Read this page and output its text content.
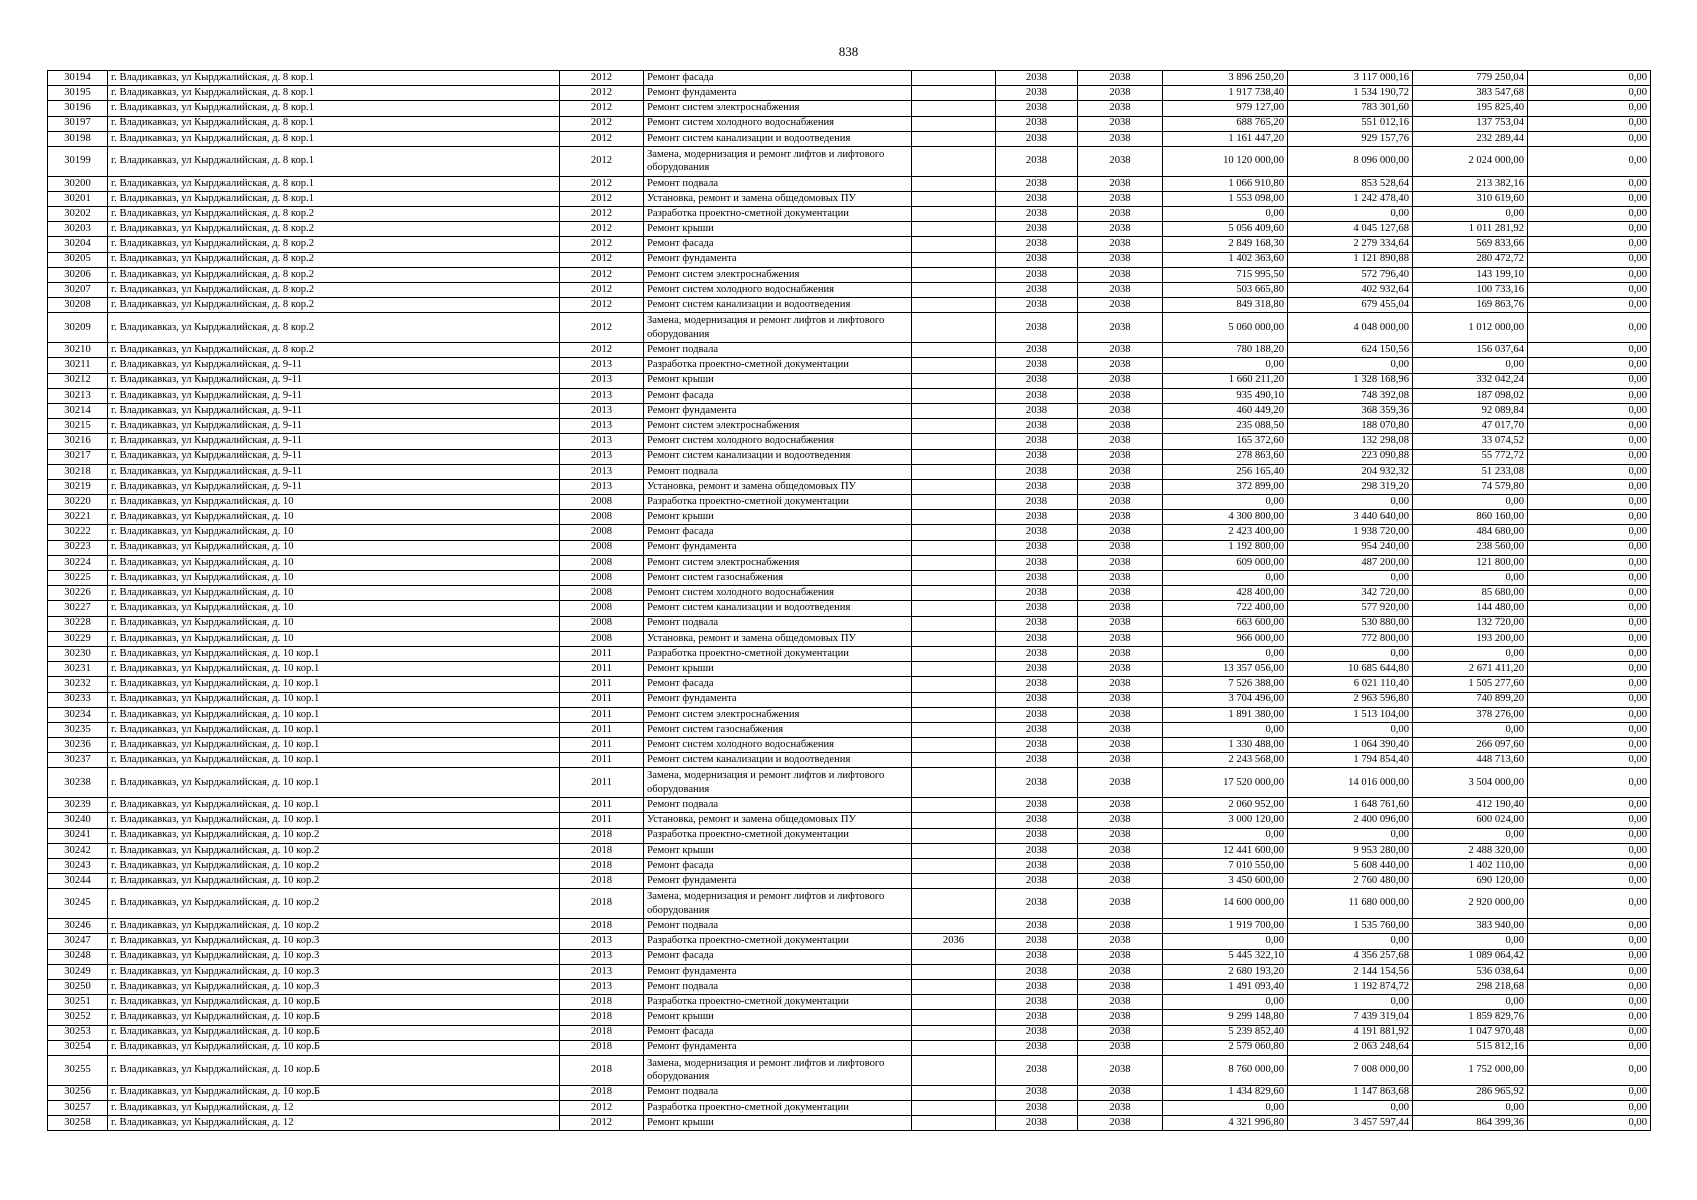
838
30194	г. Владикавказ, ул Кырджалийская, д. 8 кор.1	2012	Ремонт фасада		2038	2038	3 896 250,20	3 117 000,16	779 250,04	0,00
30195	г. Владикавказ, ул Кырджалийская, д. 8 кор.1	2012	Ремонт фундамента		2038	2038	1 917 738,40	1 534 190,72	383 547,68	0,00
30196	г. Владикавказ, ул Кырджалийская, д. 8 кор.1	2012	Ремонт систем электроснабжения		2038	2038	979 127,00	783 301,60	195 825,40	0,00
30197	г. Владикавказ, ул Кырджалийская, д. 8 кор.1	2012	Ремонт систем холодного водоснабжения		2038	2038	688 765,20	551 012,16	137 753,04	0,00
30198	г. Владикавказ, ул Кырджалийская, д. 8 кор.1	2012	Ремонт систем канализации и водоотведения		2038	2038	1 161 447,20	929 157,76	232 289,44	0,00
30199	г. Владикавказ, ул Кырджалийская, д. 8 кор.1	2012	Замена, модернизация и ремонт лифтов и лифтового оборудования		2038	2038	10 120 000,00	8 096 000,00	2 024 000,00	0,00
30200	г. Владикавказ, ул Кырджалийская, д. 8 кор.1	2012	Ремонт подвала		2038	2038	1 066 910,80	853 528,64	213 382,16	0,00
30201	г. Владикавказ, ул Кырджалийская, д. 8 кор.1	2012	Установка, ремонт и замена общедомовых ПУ		2038	2038	1 553 098,00	1 242 478,40	310 619,60	0,00
30202	г. Владикавказ, ул Кырджалийская, д. 8 кор.2	2012	Разработка проектно-сметной документации		2038	2038	0,00	0,00	0,00	0,00
30203	г. Владикавказ, ул Кырджалийская, д. 8 кор.2	2012	Ремонт крыши		2038	2038	5 056 409,60	4 045 127,68	1 011 281,92	0,00
30204	г. Владикавказ, ул Кырджалийская, д. 8 кор.2	2012	Ремонт фасада		2038	2038	2 849 168,30	2 279 334,64	569 833,66	0,00
30205	г. Владикавказ, ул Кырджалийская, д. 8 кор.2	2012	Ремонт фундамента		2038	2038	1 402 363,60	1 121 890,88	280 472,72	0,00
30206	г. Владикавказ, ул Кырджалийская, д. 8 кор.2	2012	Ремонт систем электроснабжения		2038	2038	715 995,50	572 796,40	143 199,10	0,00
30207	г. Владикавказ, ул Кырджалийская, д. 8 кор.2	2012	Ремонт систем холодного водоснабжения		2038	2038	503 665,80	402 932,64	100 733,16	0,00
30208	г. Владикавказ, ул Кырджалийская, д. 8 кор.2	2012	Ремонт систем канализации и водоотведения		2038	2038	849 318,80	679 455,04	169 863,76	0,00
30209	г. Владикавказ, ул Кырджалийская, д. 8 кор.2	2012	Замена, модернизация и ремонт лифтов и лифтового оборудования		2038	2038	5 060 000,00	4 048 000,00	1 012 000,00	0,00
30210	г. Владикавказ, ул Кырджалийская, д. 8 кор.2	2012	Ремонт подвала		2038	2038	780 188,20	624 150,56	156 037,64	0,00
30211	г. Владикавказ, ул Кырджалийская, д. 9-11	2013	Разработка проектно-сметной документации		2038	2038	0,00	0,00	0,00	0,00
30212	г. Владикавказ, ул Кырджалийская, д. 9-11	2013	Ремонт крыши		2038	2038	1 660 211,20	1 328 168,96	332 042,24	0,00
30213	г. Владикавказ, ул Кырджалийская, д. 9-11	2013	Ремонт фасада		2038	2038	935 490,10	748 392,08	187 098,02	0,00
30214	г. Владикавказ, ул Кырджалийская, д. 9-11	2013	Ремонт фундамента		2038	2038	460 449,20	368 359,36	92 089,84	0,00
30215	г. Владикавказ, ул Кырджалийская, д. 9-11	2013	Ремонт систем электроснабжения		2038	2038	235 088,50	188 070,80	47 017,70	0,00
30216	г. Владикавказ, ул Кырджалийская, д. 9-11	2013	Ремонт систем холодного водоснабжения		2038	2038	165 372,60	132 298,08	33 074,52	0,00
30217	г. Владикавказ, ул Кырджалийская, д. 9-11	2013	Ремонт систем канализации и водоотведения		2038	2038	278 863,60	223 090,88	55 772,72	0,00
30218	г. Владикавказ, ул Кырджалийская, д. 9-11	2013	Ремонт подвала		2038	2038	256 165,40	204 932,32	51 233,08	0,00
30219	г. Владикавказ, ул Кырджалийская, д. 9-11	2013	Установка, ремонт и замена общедомовых ПУ		2038	2038	372 899,00	298 319,20	74 579,80	0,00
30220	г. Владикавказ, ул Кырджалийская, д. 10	2008	Разработка проектно-сметной документации		2038	2038	0,00	0,00	0,00	0,00
30221	г. Владикавказ, ул Кырджалийская, д. 10	2008	Ремонт крыши		2038	2038	4 300 800,00	3 440 640,00	860 160,00	0,00
30222	г. Владикавказ, ул Кырджалийская, д. 10	2008	Ремонт фасада		2038	2038	2 423 400,00	1 938 720,00	484 680,00	0,00
30223	г. Владикавказ, ул Кырджалийская, д. 10	2008	Ремонт фундамента		2038	2038	1 192 800,00	954 240,00	238 560,00	0,00
30224	г. Владикавказ, ул Кырджалийская, д. 10	2008	Ремонт систем электроснабжения		2038	2038	609 000,00	487 200,00	121 800,00	0,00
30225	г. Владикавказ, ул Кырджалийская, д. 10	2008	Ремонт систем газоснабжения		2038	2038	0,00	0,00	0,00	0,00
30226	г. Владикавказ, ул Кырджалийская, д. 10	2008	Ремонт систем холодного водоснабжения		2038	2038	428 400,00	342 720,00	85 680,00	0,00
30227	г. Владикавказ, ул Кырджалийская, д. 10	2008	Ремонт систем канализации и водоотведения		2038	2038	722 400,00	577 920,00	144 480,00	0,00
30228	г. Владикавказ, ул Кырджалийская, д. 10	2008	Ремонт подвала		2038	2038	663 600,00	530 880,00	132 720,00	0,00
30229	г. Владикавказ, ул Кырджалийская, д. 10	2008	Установка, ремонт и замена общедомовых ПУ		2038	2038	966 000,00	772 800,00	193 200,00	0,00
30230	г. Владикавказ, ул Кырджалийская, д. 10 кор.1	2011	Разработка проектно-сметной документации		2038	2038	0,00	0,00	0,00	0,00
30231	г. Владикавказ, ул Кырджалийская, д. 10 кор.1	2011	Ремонт крыши		2038	2038	13 357 056,00	10 685 644,80	2 671 411,20	0,00
30232	г. Владикавказ, ул Кырджалийская, д. 10 кор.1	2011	Ремонт фасада		2038	2038	7 526 388,00	6 021 110,40	1 505 277,60	0,00
30233	г. Владикавказ, ул Кырджалийская, д. 10 кор.1	2011	Ремонт фундамента		2038	2038	3 704 496,00	2 963 596,80	740 899,20	0,00
30234	г. Владикавказ, ул Кырджалийская, д. 10 кор.1	2011	Ремонт систем электроснабжения		2038	2038	1 891 380,00	1 513 104,00	378 276,00	0,00
30235	г. Владикавказ, ул Кырджалийская, д. 10 кор.1	2011	Ремонт систем газоснабжения		2038	2038	0,00	0,00	0,00	0,00
30236	г. Владикавказ, ул Кырджалийская, д. 10 кор.1	2011	Ремонт систем холодного водоснабжения		2038	2038	1 330 488,00	1 064 390,40	266 097,60	0,00
30237	г. Владикавказ, ул Кырджалийская, д. 10 кор.1	2011	Ремонт систем канализации и водоотведения		2038	2038	2 243 568,00	1 794 854,40	448 713,60	0,00
30238	г. Владикавказ, ул Кырджалийская, д. 10 кор.1	2011	Замена, модернизация и ремонт лифтов и лифтового оборудования		2038	2038	17 520 000,00	14 016 000,00	3 504 000,00	0,00
30239	г. Владикавказ, ул Кырджалийская, д. 10 кор.1	2011	Ремонт подвала		2038	2038	2 060 952,00	1 648 761,60	412 190,40	0,00
30240	г. Владикавказ, ул Кырджалийская, д. 10 кор.1	2011	Установка, ремонт и замена общедомовых ПУ		2038	2038	3 000 120,00	2 400 096,00	600 024,00	0,00
30241	г. Владикавказ, ул Кырджалийская, д. 10 кор.2	2018	Разработка проектно-сметной документации		2038	2038	0,00	0,00	0,00	0,00
30242	г. Владикавказ, ул Кырджалийская, д. 10 кор.2	2018	Ремонт крыши		2038	2038	12 441 600,00	9 953 280,00	2 488 320,00	0,00
30243	г. Владикавказ, ул Кырджалийская, д. 10 кор.2	2018	Ремонт фасада		2038	2038	7 010 550,00	5 608 440,00	1 402 110,00	0,00
30244	г. Владикавказ, ул Кырджалийская, д. 10 кор.2	2018	Ремонт фундамента		2038	2038	3 450 600,00	2 760 480,00	690 120,00	0,00
30245	г. Владикавказ, ул Кырджалийская, д. 10 кор.2	2018	Замена, модернизация и ремонт лифтов и лифтового оборудования		2038	2038	14 600 000,00	11 680 000,00	2 920 000,00	0,00
30246	г. Владикавказ, ул Кырджалийская, д. 10 кор.2	2018	Ремонт подвала		2038	2038	1 919 700,00	1 535 760,00	383 940,00	0,00
30247	г. Владикавказ, ул Кырджалийская, д. 10 кор.3	2013	Разработка проектно-сметной документации	2036	2038	2038	0,00	0,00	0,00	0,00
30248	г. Владикавказ, ул Кырджалийская, д. 10 кор.3	2013	Ремонт фасада		2038	2038	5 445 322,10	4 356 257,68	1 089 064,42	0,00
30249	г. Владикавказ, ул Кырджалийская, д. 10 кор.3	2013	Ремонт фундамента		2038	2038	2 680 193,20	2 144 154,56	536 038,64	0,00
30250	г. Владикавказ, ул Кырджалийская, д. 10 кор.3	2013	Ремонт подвала		2038	2038	1 491 093,40	1 192 874,72	298 218,68	0,00
30251	г. Владикавказ, ул Кырджалийская, д. 10 кор.Б	2018	Разработка проектно-сметной документации		2038	2038	0,00	0,00	0,00	0,00
30252	г. Владикавказ, ул Кырджалийская, д. 10 кор.Б	2018	Ремонт крыши		2038	2038	9 299 148,80	7 439 319,04	1 859 829,76	0,00
30253	г. Владикавказ, ул Кырджалийская, д. 10 кор.Б	2018	Ремонт фасада		2038	2038	5 239 852,40	4 191 881,92	1 047 970,48	0,00
30254	г. Владикавказ, ул Кырджалийская, д. 10 кор.Б	2018	Ремонт фундамента		2038	2038	2 579 060,80	2 063 248,64	515 812,16	0,00
30255	г. Владикавказ, ул Кырджалийская, д. 10 кор.Б	2018	Замена, модернизация и ремонт лифтов и лифтового оборудования		2038	2038	8 760 000,00	7 008 000,00	1 752 000,00	0,00
30256	г. Владикавказ, ул Кырджалийская, д. 10 кор.Б	2018	Ремонт подвала		2038	2038	1 434 829,60	1 147 863,68	286 965,92	0,00
30257	г. Владикавказ, ул Кырджалийская, д. 12	2012	Разработка проектно-сметной документации		2038	2038	0,00	0,00	0,00	0,00
30258	г. Владикавказ, ул Кырджалийская, д. 12	2012	Ремонт крыши		2038	2038	4 321 996,80	3 457 597,44	864 399,36	0,00
